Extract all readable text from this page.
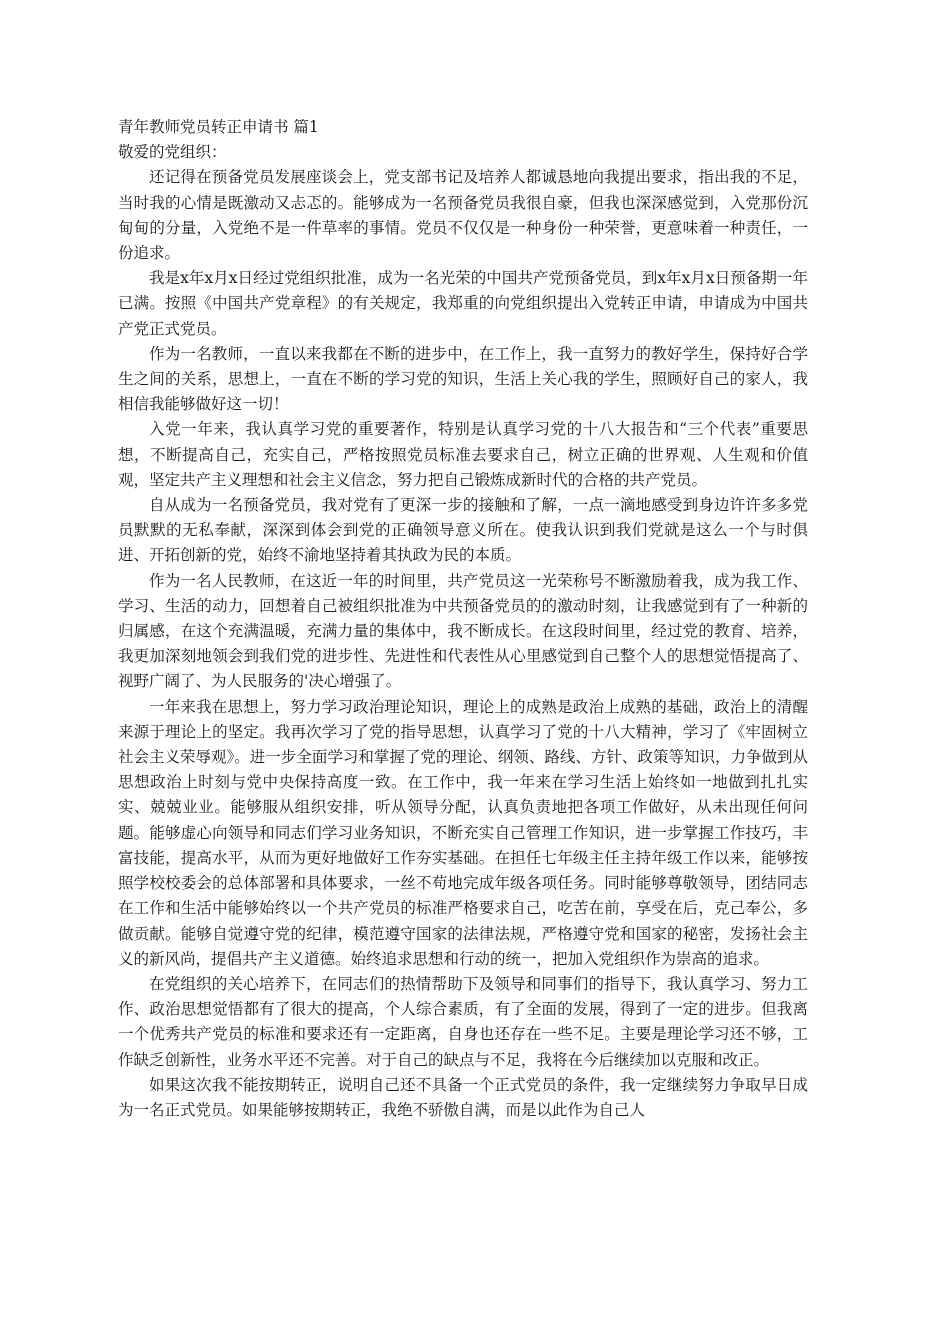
青年教师党员转正申请书 篇1

敬爱的党组织：

还记得在预备党员发展座谈会上，党支部书记及培养人都诚恳地向我提出要求，指出我的不足，当时我的心情是既激动又忐忑的。能够成为一名预备党员我很自豪，但我也深深感觉到，入党那份沉甸甸的分量，入党绝不是一件草率的事情。党员不仅仅是一种身份一种荣誉，更意味着一种责任，一份追求。

我是x年x月x日经过党组织批准，成为一名光荣的中国共产党预备党员，到x年x月x日预备期一年已满。按照《中国共产党章程》的有关规定，我郑重的向党组织提出入党转正申请，申请成为中国共产党正式党员。

作为一名教师，一直以来我都在不断的进步中，在工作上，我一直努力的教好学生，保持好合学生之间的关系，思想上，一直在不断的学习党的知识，生活上关心我的学生，照顾好自己的家人，我相信我能够做好这一切！

入党一年来，我认真学习党的重要著作，特别是认真学习党的十八大报告和“三个代表”重要思想，不断提高自己，充实自己，严格按照党员标准去要求自己，树立正确的世界观、人生观和价值观，坚定共产主义理想和社会主义信念，努力把自己锻炼成新时代的合格的共产党员。

自从成为一名预备党员，我对党有了更深一步的接触和了解，一点一滴地感受到身边许许多多党员默默的无私奉献，深深到体会到党的正确领导意义所在。使我认识到我们党就是这么一个与时俱进、开拓创新的党，始终不渝地坚持着其执政为民的本质。

作为一名人民教师，在这近一年的时间里，共产党员这一光荣称号不断激励着我，成为我工作、学习、生活的动力，回想着自己被组织批准为中共预备党员的的激动时刻，让我感觉到有了一种新的归属感，在这个充满温暖，充满力量的集体中，我不断成长。在这段时间里，经过党的教育、培养，我更加深刻地领会到我们党的进步性、先进性和代表性从心里感觉到自己整个人的思想觉悟提高了、视野广阔了、为人民服务的'决心增强了。

一年来我在思想上，努力学习政治理论知识，理论上的成熟是政治上成熟的基础，政治上的清醒来源于理论上的坚定。我再次学习了党的指导思想，认真学习了党的十八大精神，学习了《牢固树立社会主义荣辱观》。进一步全面学习和掌握了党的理论、纲领、路线、方针、政策等知识，力争做到从思想政治上时刻与党中央保持高度一致。在工作中，我一年来在学习生活上始终如一地做到扎扎实实、兢兢业业。能够服从组织安排，听从领导分配，认真负责地把各项工作做好，从未出现任何问题。能够虚心向领导和同志们学习业务知识，不断充实自己管理工作知识，进一步掌握工作技巧，丰富技能，提高水平，从而为更好地做好工作夯实基础。在担任七年级主任主持年级工作以来，能够按照学校校委会的总体部署和具体要求，一丝不苟地完成年级各项任务。同时能够尊敬领导，团结同志在工作和生活中能够始终以一个共产党员的标准严格要求自己，吃苦在前，享受在后，克己奉公，多做贡献。能够自觉遵守党的纪律，模范遵守国家的法律法规，严格遵守党和国家的秘密，发扬社会主义的新风尚，提倡共产主义道德。始终追求思想和行动的统一，把加入党组织作为崇高的追求。

在党组织的关心培养下，在同志们的热情帮助下及领导和同事们的指导下，我认真学习、努力工作、政治思想觉悟都有了很大的提高，个人综合素质，有了全面的发展，得到了一定的进步。但我离一个优秀共产党员的标准和要求还有一定距离，自身也还存在一些不足。主要是理论学习还不够，工作缺乏创新性，业务水平还不完善。对于自己的缺点与不足，我将在今后继续加以克服和改正。

如果这次我不能按期转正，说明自己还不具备一个正式党员的条件，我一定继续努力争取早日成为一名正式党员。如果能够按期转正，我绝不骄傲自满，而是以此作为自己人
